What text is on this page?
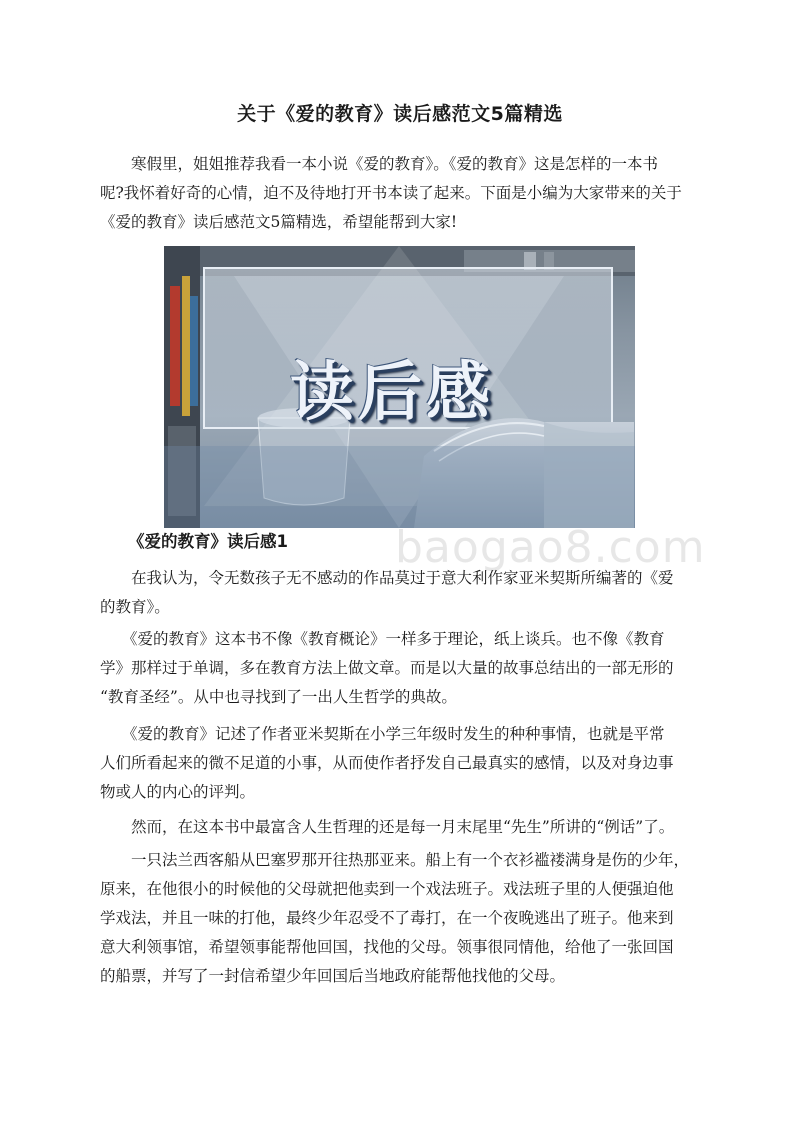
关于《爱的教育》读后感范文5篇精选

寒假里，姐姐推荐我看一本小说《爱的教育》。《爱的教育》这是怎样的一本书
呢?我怀着好奇的心情，迫不及待地打开书本读了起来。下面是小编为大家带来的关于
《爱的教育》读后感范文5篇精选，希望能帮到大家!

读后感
baogao8.com
《爱的教育》读后感1

在我认为，令无数孩子无不感动的作品莫过于意大利作家亚米契斯所编著的《爱
的教育》。

《爱的教育》这本书不像《教育概论》一样多于理论，纸上谈兵。也不像《教育
学》那样过于单调，多在教育方法上做文章。而是以大量的故事总结出的一部无形的
“教育圣经”。从中也寻找到了一出人生哲学的典故。

《爱的教育》记述了作者亚米契斯在小学三年级时发生的种种事情，也就是平常
人们所看起来的微不足道的小事，从而使作者抒发自己最真实的感情，以及对身边事
物或人的内心的评判。

然而，在这本书中最富含人生哲理的还是每一月末尾里“先生”所讲的“例话”了。

一只法兰西客船从巴塞罗那开往热那亚来。船上有一个衣衫褴褛满身是伤的少年，
原来，在他很小的时候他的父母就把他卖到一个戏法班子。戏法班子里的人便强迫他
学戏法，并且一味的打他，最终少年忍受不了毒打，在一个夜晚逃出了班子。他来到
意大利领事馆，希望领事能帮他回国，找他的父母。领事很同情他，给他了一张回国
的船票，并写了一封信希望少年回国后当地政府能帮他找他的父母。
